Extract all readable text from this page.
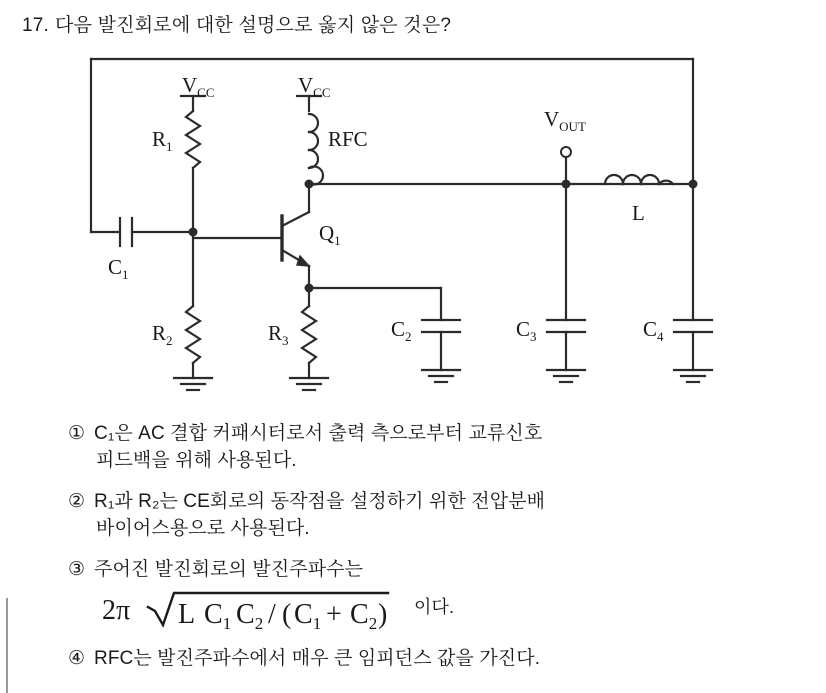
17. 다음 발진회로에 대한 설명으로 옳지 않은 것은?
$V_{CC}$	$V_{CC}$
$V_{OUT}$
$R_1$	RFC
$Q_1$
$C_1$
$R_2$	$R_3$	$C_2$	$C_3$	$C_4$
L
① C₁은 AC 결합 커패시터로서 출력 측으로부터 교류신호
피드백을 위해 사용된다.
② R₁과 R₂는 CE회로의 동작점을 설정하기 위한 전압분배
바이어스용으로 사용된다.
③ 주어진 발진회로의 발진주파수는
2π L $C_1$ $C_2$ / ( $C_1 + C_2$ ) 이다.
④ RFC는 발진주파수에서 매우 큰 임피던스 값을 가진다.
